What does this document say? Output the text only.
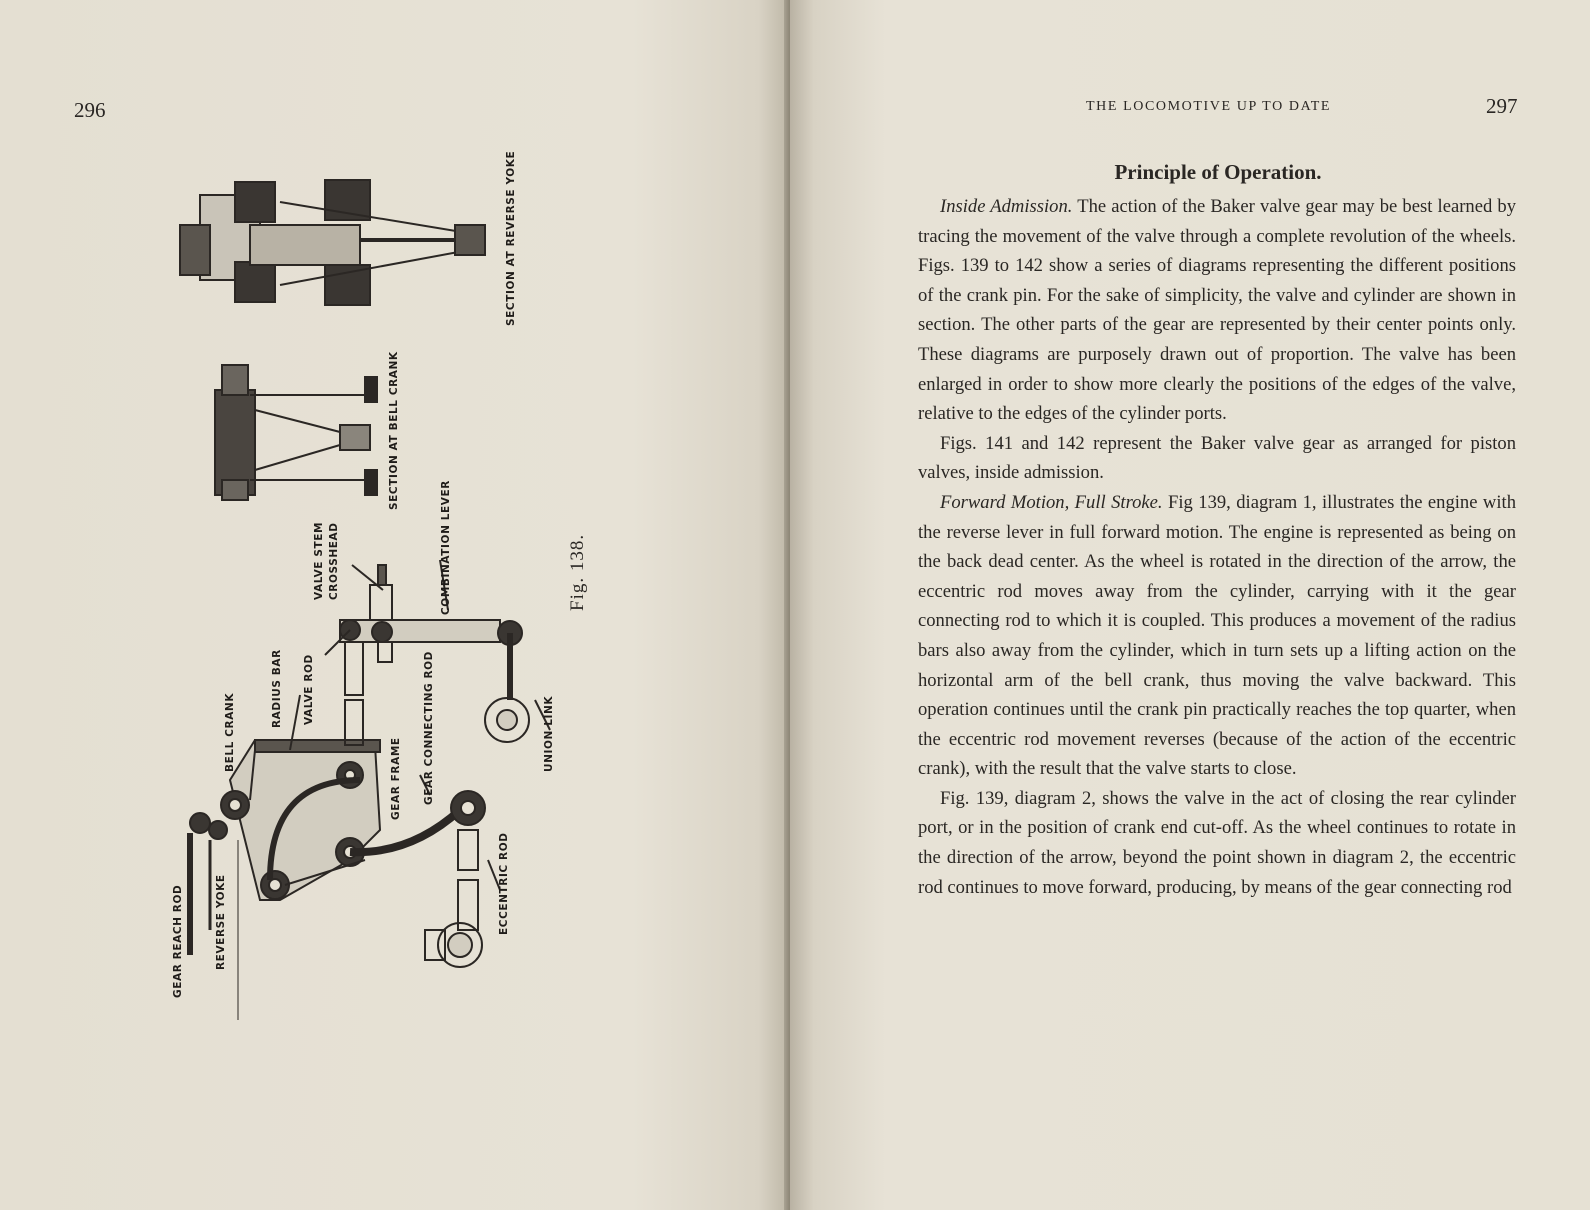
296
SECTION AT REVERSE YOKE
SECTION AT BELL CRANK
COMBINATION LEVER
VALVE STEM CROSSHEAD
UNION LINK
GEAR CONNECTING ROD
VALVE ROD
RADIUS BAR
BELL CRANK
GEAR FRAME
ECCENTRIC ROD
REVERSE YOKE
GEAR REACH ROD
Fig. 138.
THE LOCOMOTIVE UP TO DATE	297
Principle of Operation.

Inside Admission. The action of the Baker valve gear may be best learned by tracing the movement of the valve through a complete revolution of the wheels. Figs. 139 to 142 show a series of diagrams representing the different positions of the crank pin. For the sake of simplicity, the valve and cylinder are shown in section. The other parts of the gear are represented by their center points only. These diagrams are purposely drawn out of proportion. The valve has been enlarged in order to show more clearly the positions of the edges of the valve, relative to the edges of the cylinder ports.

Figs. 141 and 142 represent the Baker valve gear as arranged for piston valves, inside admission.

Forward Motion, Full Stroke. Fig 139, diagram 1, illustrates the engine with the reverse lever in full forward motion. The engine is represented as being on the back dead center. As the wheel is rotated in the direction of the arrow, the eccentric rod moves away from the cylinder, carrying with it the gear connecting rod to which it is coupled. This produces a movement of the radius bars also away from the cylinder, which in turn sets up a lifting action on the horizontal arm of the bell crank, thus moving the valve backward. This operation continues until the crank pin practically reaches the top quarter, when the eccentric rod movement reverses (because of the action of the eccentric crank), with the result that the valve starts to close.

Fig. 139, diagram 2, shows the valve in the act of closing the rear cylinder port, or in the position of crank end cut-off. As the wheel continues to rotate in the direction of the arrow, beyond the point shown in diagram 2, the eccentric rod continues to move forward, producing, by means of the gear connecting rod
